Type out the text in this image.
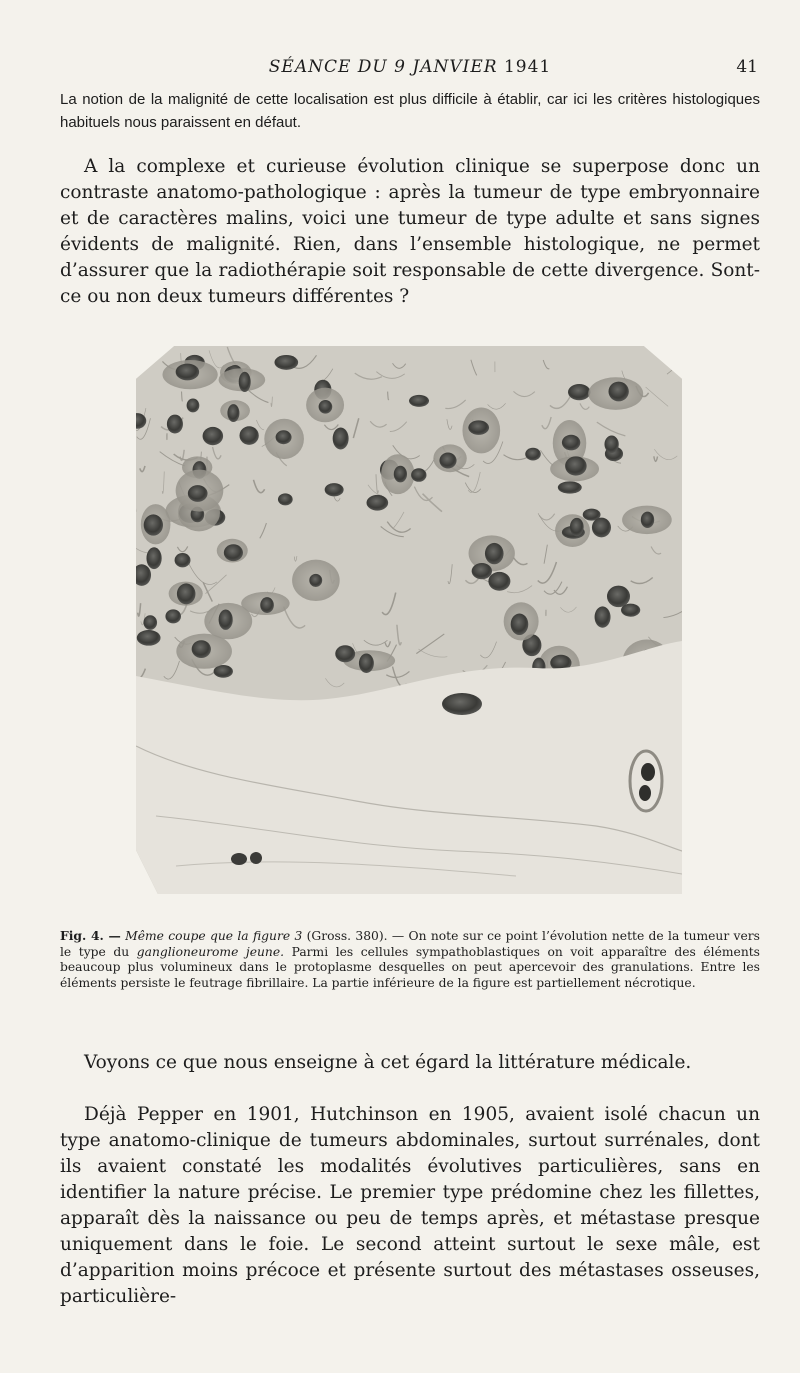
SÉANCE DU 9 JANVIER 1941	41

La notion de la malignité de cette localisation est plus difficile à établir, car ici les critères histologiques habituels nous paraissent en défaut.

A la complexe et curieuse évolution clinique se superpose donc un contraste anatomo-pathologique : après la tumeur de type embryonnaire et de caractères malins, voici une tumeur de type adulte et sans signes évidents de malignité. Rien, dans l’ensemble histologique, ne permet d’assurer que la radiothérapie soit responsable de cette divergence. Sont-ce ou non deux tumeurs différentes ?

Fig. 4. — Même coupe que la figure 3 (Gross. 380). — On note sur ce point l’évolution nette de la tumeur vers le type du ganglioneurome jeune. Parmi les cellules sympathoblastiques on voit apparaître des éléments beaucoup plus volumineux dans le protoplasme desquelles on peut apercevoir des granulations. Entre les éléments persiste le feutrage fibrillaire. La partie inférieure de la figure est partiellement nécrotique.

Voyons ce que nous enseigne à cet égard la littérature médicale.

Déjà Pepper en 1901, Hutchinson en 1905, avaient isolé chacun un type anatomo-clinique de tumeurs abdominales, surtout surrénales, dont ils avaient constaté les modalités évolutives particulières, sans en identifier la nature précise. Le premier type prédomine chez les fillettes, apparaît dès la naissance ou peu de temps après, et métastase presque uniquement dans le foie. Le second atteint surtout le sexe mâle, est d’apparition moins précoce et présente surtout des métastases osseuses, particulière-
